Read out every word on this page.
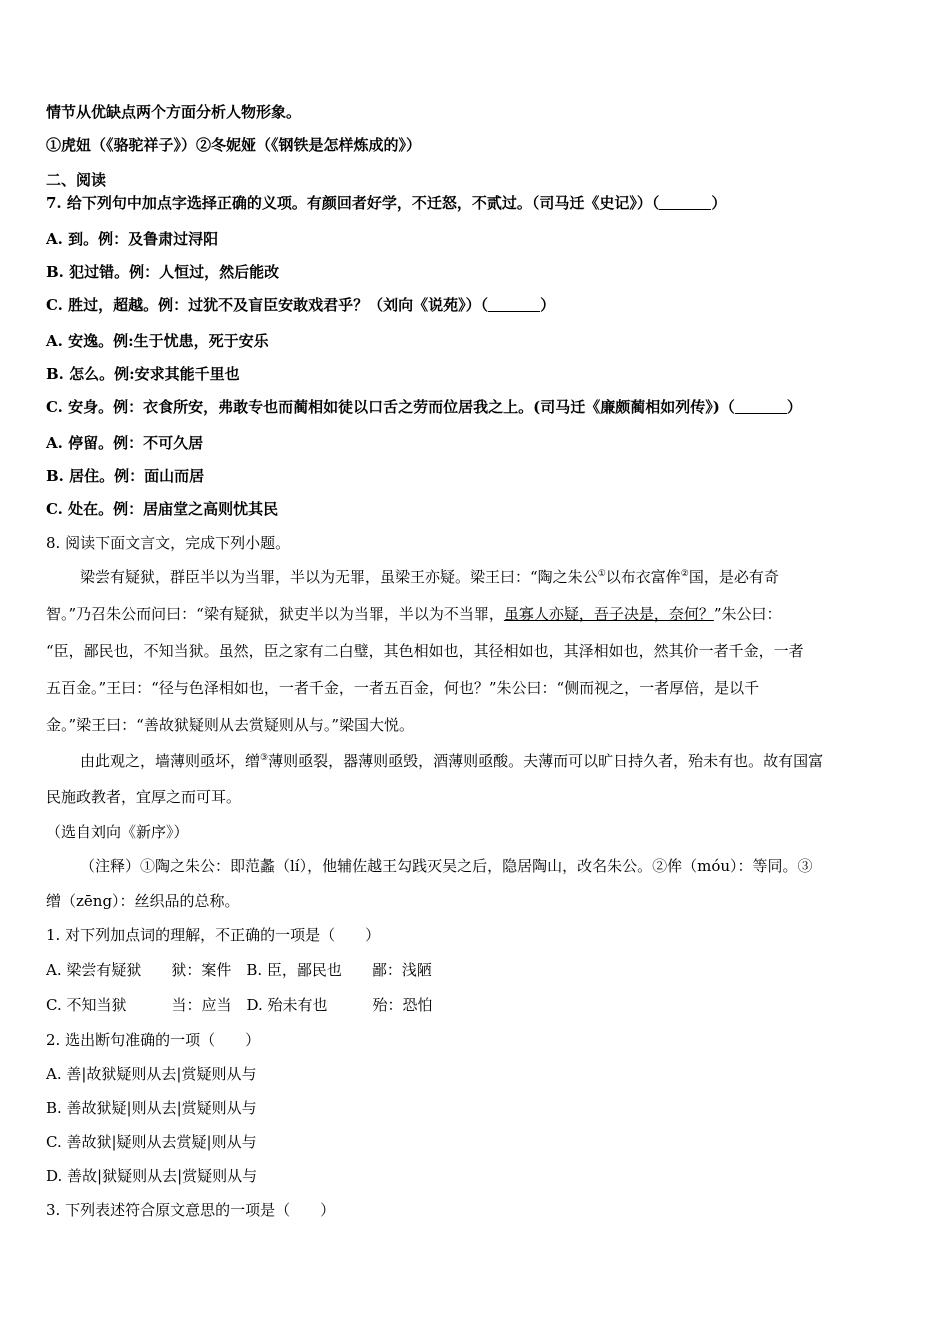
情节从优缺点两个方面分析人物形象。
①虎妞（《骆驼祥子》）②冬妮娅（《钢铁是怎样炼成的》）
二、阅读
7. 给下列句中加点字选择正确的义项。有颜回者好学，不迁怒，不贰过。（司马迁《史记》）（	）
A. 到。例：及鲁肃过浔阳
B. 犯过错。例：人恒过，然后能改
C. 胜过，超越。例：过犹不及盲臣安敢戏君乎？（刘向《说苑》）（	）
A. 安逸。例:生于忧患，死于安乐
B. 怎么。例:安求其能千里也
C. 安身。例：衣食所安，弗敢专也而蔺相如徒以口舌之劳而位居我之上。(司马迁《廉颇蔺相如列传》)（	）
A. 停留。例：不可久居
B. 居住。例：面山而居
C. 处在。例：居庙堂之高则忧其民
8. 阅读下面文言文，完成下列小题。
梁尝有疑狱，群臣半以为当罪，半以为无罪，虽梁王亦疑。梁王曰：“陶之朱公①以布衣富侔②国，是必有奇
智。”乃召朱公而问曰：“梁有疑狱，狱吏半以为当罪，半以为不当罪，虽寡人亦疑，吾子决是，奈何？”朱公曰：
“臣，鄙民也，不知当狱。虽然，臣之家有二白璧，其色相如也，其径相如也，其泽相如也，然其价一者千金，一者
五百金。”王曰：“径与色泽相如也，一者千金，一者五百金，何也？”朱公曰：“侧而视之，一者厚倍，是以千
金。”梁王曰：“善故狱疑则从去赏疑则从与。”梁国大悦。
由此观之，墙薄则亟坏，缯③薄则亟裂，器薄则亟毁，酒薄则亟酸。夫薄而可以旷日持久者，殆未有也。故有国富
民施政教者，宜厚之而可耳。
（选自刘向《新序》）
（注释）①陶之朱公：即范蠡（lí），他辅佐越王勾践灭吴之后，隐居陶山，改名朱公。②侔（móu）：等同。③
缯（zēng）：丝织品的总称。
1. 对下列加点词的理解，不正确的一项是（　　）
A. 梁尝有疑狱　　狱：案件　B. 臣，鄙民也　　鄙：浅陋
C. 不知当狱　　　当：应当　D. 殆未有也　　　殆：恐怕
2. 选出断句准确的一项（　　）
A. 善|故狱疑则从去|赏疑则从与
B. 善故狱疑|则从去|赏疑则从与
C. 善故狱|疑则从去赏疑|则从与
D. 善故|狱疑则从去|赏疑则从与
3. 下列表述符合原文意思的一项是（　　）
